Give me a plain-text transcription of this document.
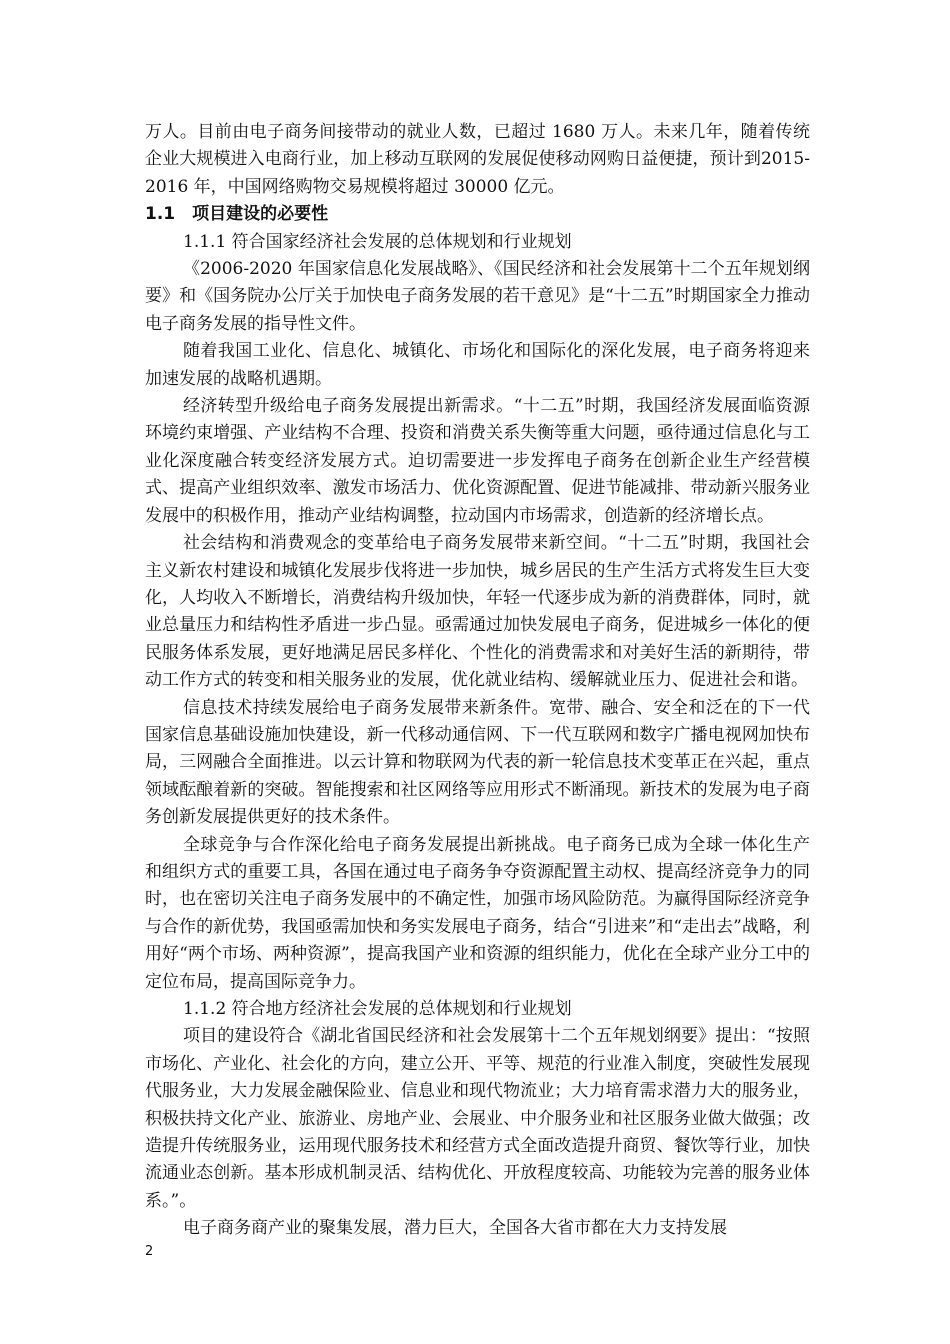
万人。目前由电子商务间接带动的就业人数，已超过 1680 万人。未来几年，随着传统企业大规模进入电商行业，加上移动互联网的发展促使移动网购日益便捷，预计到2015-2016 年，中国网络购物交易规模将超过 30000 亿元。

1.1　项目建设的必要性

1.1.1 符合国家经济社会发展的总体规划和行业规划

《2006-2020 年国家信息化发展战略》、《国民经济和社会发展第十二个五年规划纲要》和《国务院办公厅关于加快电子商务发展的若干意见》是“十二五”时期国家全力推动电子商务发展的指导性文件。

随着我国工业化、信息化、城镇化、市场化和国际化的深化发展，电子商务将迎来加速发展的战略机遇期。

经济转型升级给电子商务发展提出新需求。“十二五”时期，我国经济发展面临资源环境约束增强、产业结构不合理、投资和消费关系失衡等重大问题，亟待通过信息化与工业化深度融合转变经济发展方式。迫切需要进一步发挥电子商务在创新企业生产经营模式、提高产业组织效率、激发市场活力、优化资源配置、促进节能减排、带动新兴服务业发展中的积极作用，推动产业结构调整，拉动国内市场需求，创造新的经济增长点。

社会结构和消费观念的变革给电子商务发展带来新空间。“十二五”时期，我国社会主义新农村建设和城镇化发展步伐将进一步加快，城乡居民的生产生活方式将发生巨大变化，人均收入不断增长，消费结构升级加快，年轻一代逐步成为新的消费群体，同时，就业总量压力和结构性矛盾进一步凸显。亟需通过加快发展电子商务，促进城乡一体化的便民服务体系发展，更好地满足居民多样化、个性化的消费需求和对美好生活的新期待，带动工作方式的转变和相关服务业的发展，优化就业结构、缓解就业压力、促进社会和谐。

信息技术持续发展给电子商务发展带来新条件。宽带、融合、安全和泛在的下一代国家信息基础设施加快建设，新一代移动通信网、下一代互联网和数字广播电视网加快布局，三网融合全面推进。以云计算和物联网为代表的新一轮信息技术变革正在兴起，重点领域酝酿着新的突破。智能搜索和社区网络等应用形式不断涌现。新技术的发展为电子商务创新发展提供更好的技术条件。

全球竞争与合作深化给电子商务发展提出新挑战。电子商务已成为全球一体化生产和组织方式的重要工具，各国在通过电子商务争夺资源配置主动权、提高经济竞争力的同时，也在密切关注电子商务发展中的不确定性，加强市场风险防范。为赢得国际经济竞争与合作的新优势，我国亟需加快和务实发展电子商务，结合“引进来”和“走出去”战略，利用好“两个市场、两种资源”，提高我国产业和资源的组织能力，优化在全球产业分工中的定位布局，提高国际竞争力。

1.1.2 符合地方经济社会发展的总体规划和行业规划

项目的建设符合《湖北省国民经济和社会发展第十二个五年规划纲要》提出：“按照市场化、产业化、社会化的方向，建立公开、平等、规范的行业准入制度，突破性发展现代服务业，大力发展金融保险业、信息业和现代物流业；大力培育需求潜力大的服务业，积极扶持文化产业、旅游业、房地产业、会展业、中介服务业和社区服务业做大做强；改造提升传统服务业，运用现代服务技术和经营方式全面改造提升商贸、餐饮等行业，加快流通业态创新。基本形成机制灵活、结构优化、开放程度较高、功能较为完善的服务业体系。”。

电子商务商产业的聚集发展，潜力巨大，全国各大省市都在大力支持发展

2
